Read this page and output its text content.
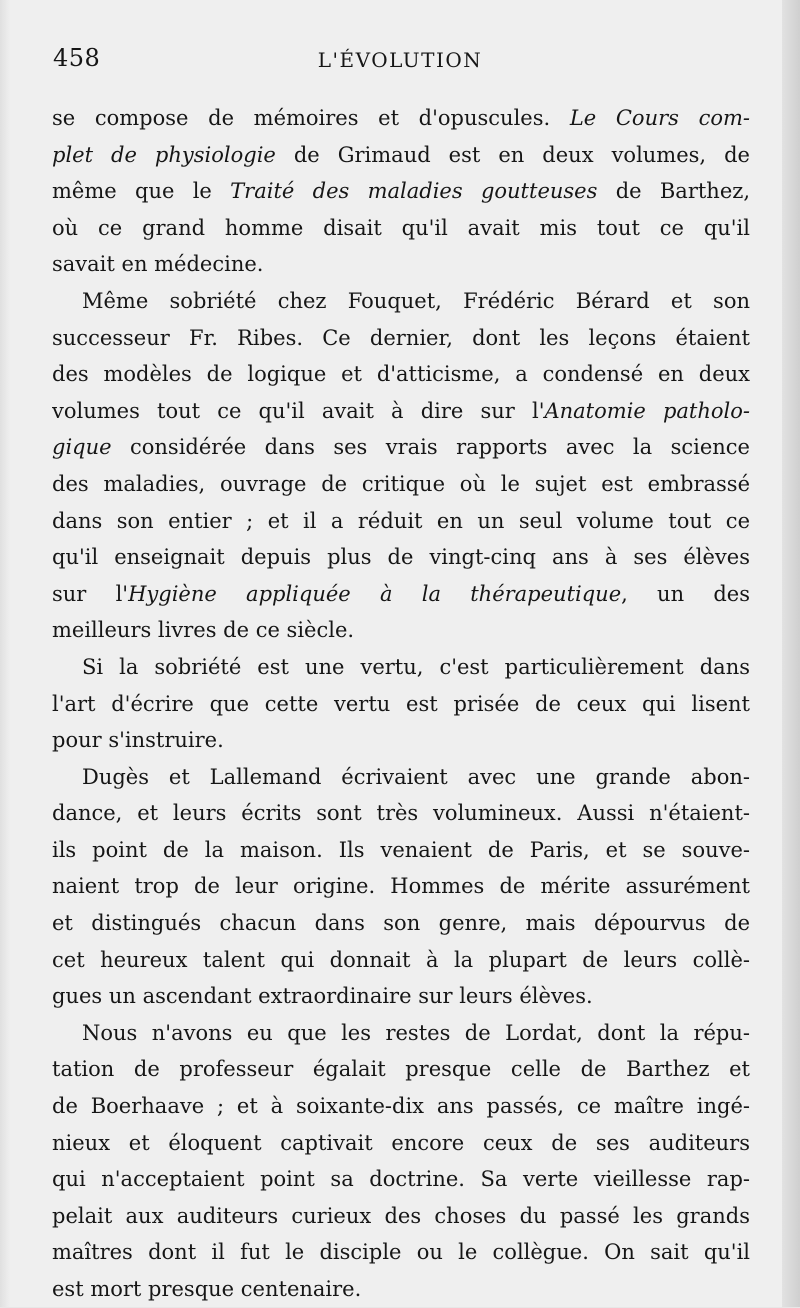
458	L'ÉVOLUTION
se compose de mémoires et d'opuscules. Le Cours com-
plet de physiologie de Grimaud est en deux volumes, de
même que le Traité des maladies goutteuses de Barthez,
où ce grand homme disait qu'il avait mis tout ce qu'il
savait en médecine.
Même sobriété chez Fouquet, Frédéric Bérard et son
successeur Fr. Ribes. Ce dernier, dont les leçons étaient
des modèles de logique et d'atticisme, a condensé en deux
volumes tout ce qu'il avait à dire sur l'Anatomie patholo-
gique considérée dans ses vrais rapports avec la science
des maladies, ouvrage de critique où le sujet est embrassé
dans son entier ; et il a réduit en un seul volume tout ce
qu'il enseignait depuis plus de vingt-cinq ans à ses élèves
sur l'Hygiène appliquée à la thérapeutique, un des
meilleurs livres de ce siècle.
Si la sobriété est une vertu, c'est particulièrement dans
l'art d'écrire que cette vertu est prisée de ceux qui lisent
pour s'instruire.
Dugès et Lallemand écrivaient avec une grande abon-
dance, et leurs écrits sont très volumineux. Aussi n'étaient-
ils point de la maison. Ils venaient de Paris, et se souve-
naient trop de leur origine. Hommes de mérite assurément
et distingués chacun dans son genre, mais dépourvus de
cet heureux talent qui donnait à la plupart de leurs collè-
gues un ascendant extraordinaire sur leurs élèves.
Nous n'avons eu que les restes de Lordat, dont la répu-
tation de professeur égalait presque celle de Barthez et
de Boerhaave ; et à soixante-dix ans passés, ce maître ingé-
nieux et éloquent captivait encore ceux de ses auditeurs
qui n'acceptaient point sa doctrine. Sa verte vieillesse rap-
pelait aux auditeurs curieux des choses du passé les grands
maîtres dont il fut le disciple ou le collègue. On sait qu'il
est mort presque centenaire.
